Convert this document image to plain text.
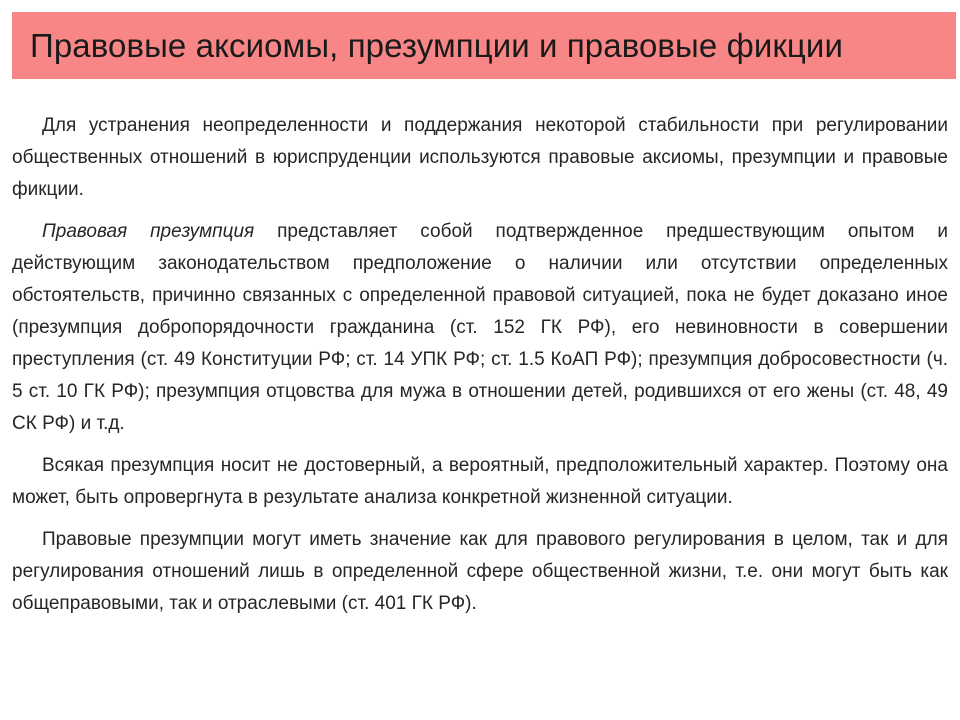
Правовые аксиомы, презумпции и правовые фикции

Для устранения неопределенности и поддержания некоторой стабильности при регулировании общественных отношений в юриспруденции используются правовые аксиомы, презумпции и правовые фикции.

Правовая презумпция представляет собой подтвержденное предшествующим опытом и действующим законодательством предположение о наличии или отсутствии определенных обстоятельств, причинно связанных с определенной правовой ситуацией, пока не будет доказано иное (презумпция добропорядочности гражданина (ст. 152 ГК РФ), его невиновности в совершении преступления (ст. 49 Конституции РФ; ст. 14 УПК РФ; ст. 1.5 КоАП РФ); презумпция добросовестности (ч. 5 ст. 10 ГК РФ); презумпция отцовства для мужа в отношении детей, родившихся от его жены (ст. 48, 49 СК РФ) и т.д.

Всякая презумпция носит не достоверный, а вероятный, предположительный характер. Поэтому она может, быть опровергнута в результате анализа конкретной жизненной ситуации.

Правовые презумпции могут иметь значение как для правового регулирования в целом, так и для регулирования отношений лишь в определенной сфере общественной жизни, т.е. они могут быть как общеправовыми, так и отраслевыми (ст. 401 ГК РФ).
